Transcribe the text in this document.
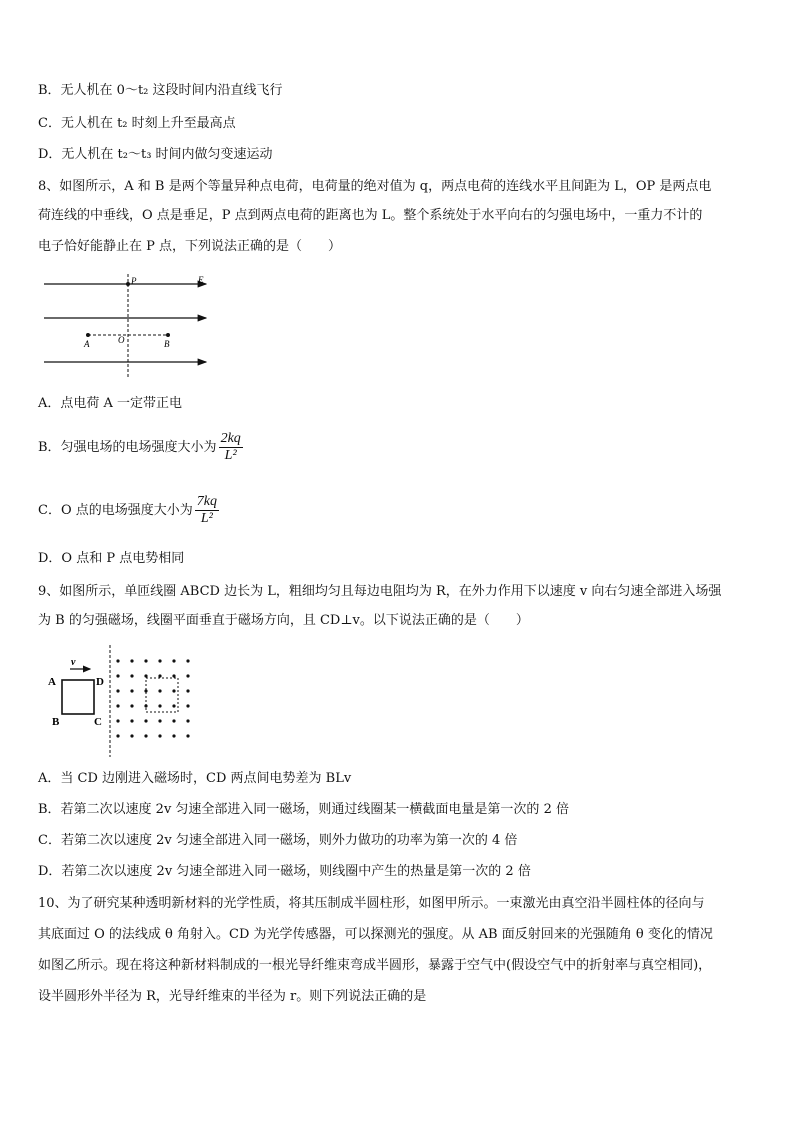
B．无人机在 0～t₂ 这段时间内沿直线飞行
C．无人机在 t₂ 时刻上升至最高点
D．无人机在 t₂～t₃ 时间内做匀变速运动
8、如图所示，A 和 B 是两个等量异种点电荷，电荷量的绝对值为 q，两点电荷的连线水平且间距为 L，OP 是两点电
荷连线的中垂线，O 点是垂足，P 点到两点电荷的距离也为 L。整个系统处于水平向右的匀强电场中，一重力不计的
电子恰好能静止在 P 点，下列说法正确的是（　　）
P	E
A	O	B
A．点电荷 A 一定带正电
B．匀强电场的电场强度大小为 $\frac{2kq}{\text{L²}}$
C．O 点的电场强度大小为 $\frac{7kq}{\text{L²}}$
D．O 点和 P 点电势相同
9、如图所示，单匝线圈 ABCD 边长为 L，粗细均匀且每边电阻均为 R，在外力作用下以速度 v 向右匀速全部进入场强
为 B 的匀强磁场，线圈平面垂直于磁场方向，且 CD⊥v。以下说法正确的是（　　）
v
A
B	C
D
A．当 CD 边刚进入磁场时，CD 两点间电势差为 BLv
B．若第二次以速度 2v 匀速全部进入同一磁场，则通过线圈某一横截面电量是第一次的 2 倍
C．若第二次以速度 2v 匀速全部进入同一磁场，则外力做功的功率为第一次的 4 倍
D．若第二次以速度 2v 匀速全部进入同一磁场，则线圈中产生的热量是第一次的 2 倍
10、为了研究某种透明新材料的光学性质，将其压制成半圆柱形，如图甲所示。一束激光由真空沿半圆柱体的径向与
其底面过 O 的法线成 θ 角射入。CD 为光学传感器，可以探测光的强度。从 AB 面反射回来的光强随角 θ 变化的情况
如图乙所示。现在将这种新材料制成的一根光导纤维束弯成半圆形，暴露于空气中(假设空气中的折射率与真空相同)，
设半圆形外半径为 R，光导纤维束的半径为 r。则下列说法正确的是
